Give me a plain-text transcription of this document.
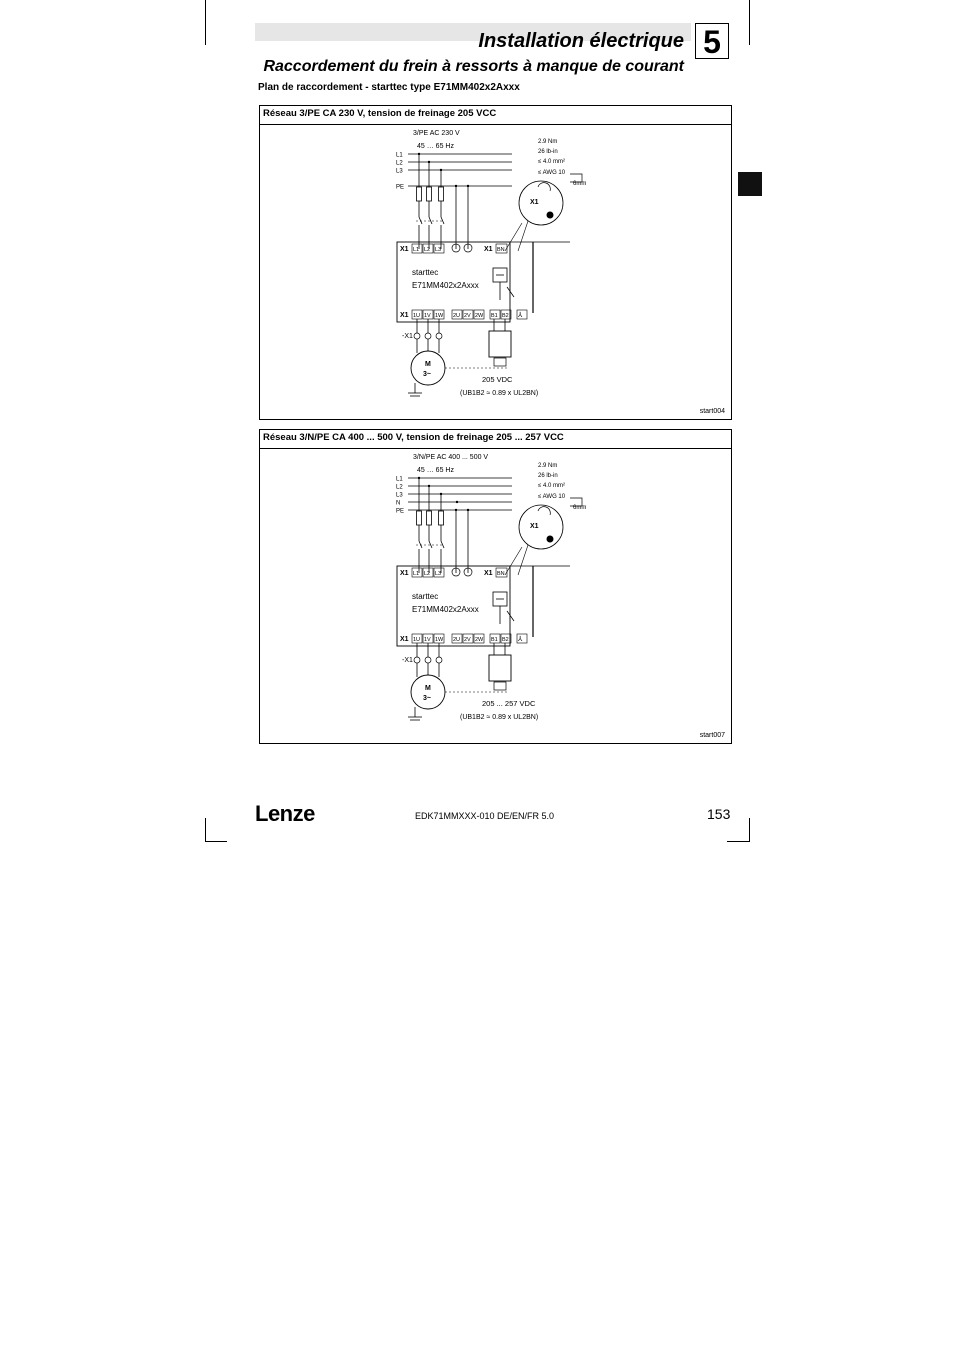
Installation électrique 5
Raccordement du frein à ressorts à manque de courant
Plan de raccordement - starttec type E71MM402x2Axxx
Réseau 3/PE CA 230 V, tension de freinage 205 VCC
start004
3/PE AC 230 V
45 … 65 Hz
L1
L2
L3
PE
2.9 Nm
26 lb-in
≤ 4.0 mm²
≤ AWG 10
6mm
X1
X1 L1 L2 L3	X1 BN
starttec
E71MM402x2Axxx
X1 1U 1V 1W 2U 2V 2W B1 B2 ⅄
-X1
M
3~
205 VDC
(UB1B2 ≈ 0.89 x UL2BN)
Réseau 3/N/PE CA 400 ... 500 V, tension de freinage 205 ... 257 VCC
start007
3/N/PE AC 400 ... 500 V
45 … 65 Hz
L1
L2
L3
N
PE
2.9 Nm
26 lb-in
≤ 4.0 mm²
≤ AWG 10
6mm
X1
X1 L1 L2 L3	X1 BN
starttec
E71MM402x2Axxx
X1 1U 1V 1W 2U 2V 2W B1 B2 ⅄
-X1
M
3~
205 ... 257 VDC
(UB1B2 ≈ 0.89 x UL2BN)
Lenze	EDK71MMXXX-010 DE/EN/FR 5.0	153
